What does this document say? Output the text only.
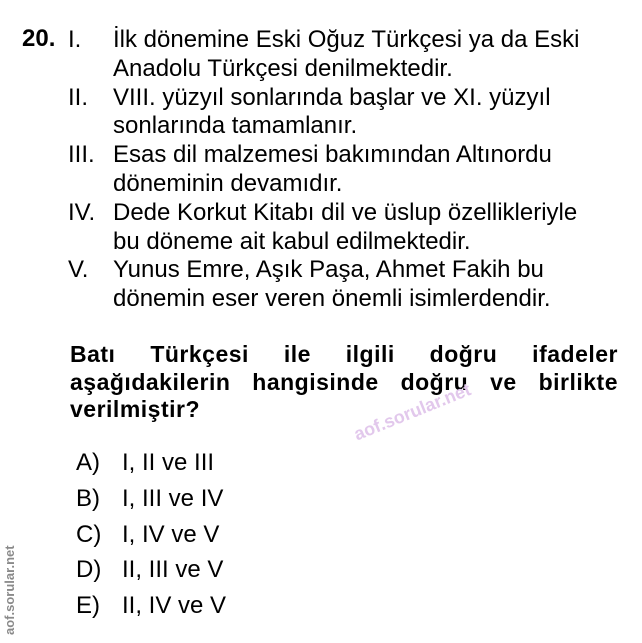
20. I. İlk dönemine Eski Oğuz Türkçesi ya da Eski
Anadolu Türkçesi denilmektedir.
II. VIII. yüzyıl sonlarında başlar ve XI. yüzyıl
sonlarında tamamlanır.
III. Esas dil malzemesi bakımından Altınordu
döneminin devamıdır.
IV. Dede Korkut Kitabı dil ve üslup özellikleriyle
bu döneme ait kabul edilmektedir.
V. Yunus Emre, Aşık Paşa, Ahmet Fakih bu
dönemin eser veren önemli isimlerdendir.
Batı Türkçesi ile ilgili doğru ifadeler
aşağıdakilerin hangisinde doğru ve birlikte
verilmiştir?
A) I, II ve III
B) I, III ve IV
C) I, IV ve V
D) II, III ve V
E) II, IV ve V
aof.sorular.net
aof.sorular.net
